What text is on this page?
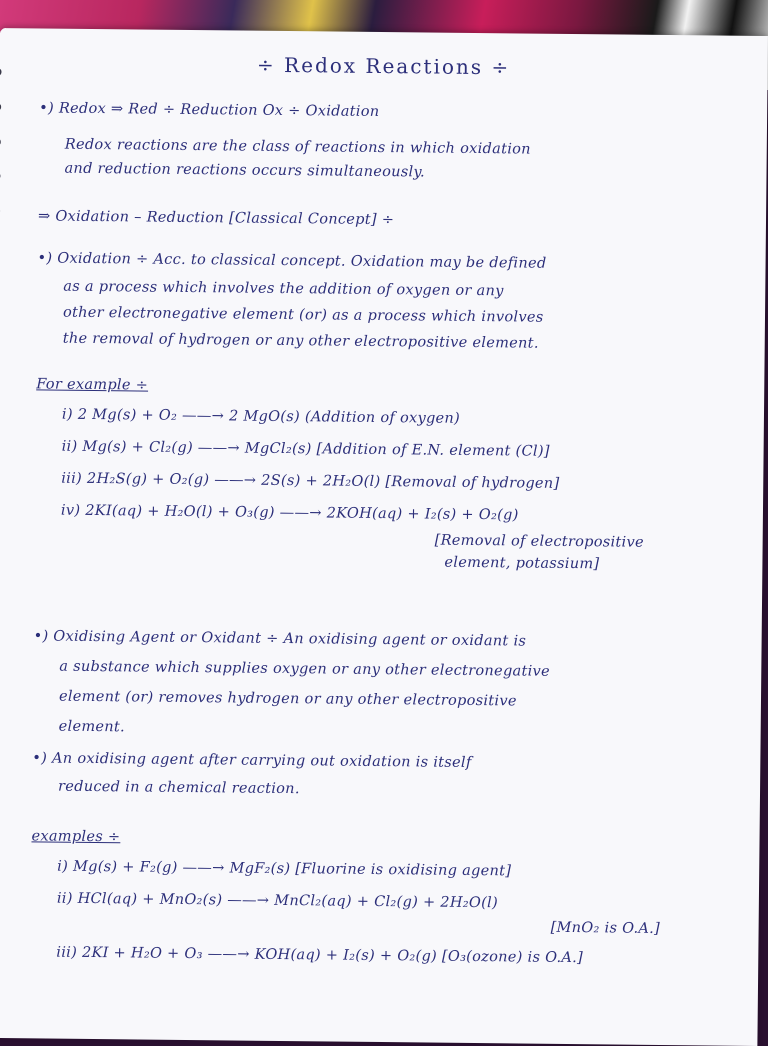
÷ Redox Reactions ÷
•) Redox ⇒ Red ÷ Reduction Ox ÷ Oxidation
Redox reactions are the class of reactions in which oxidation
and reduction reactions occurs simultaneously.
⇒ Oxidation – Reduction [Classical Concept] ÷
•) Oxidation ÷ Acc. to classical concept. Oxidation may be defined
as a process which involves the addition of oxygen or any
other electronegative element (or) as a process which involves
the removal of hydrogen or any other electropositive element.
For example ÷
i) 2 Mg(s) + O₂ ——→ 2 MgO(s) (Addition of oxygen)
ii) Mg(s) + Cl₂(g) ——→ MgCl₂(s) [Addition of E.N. element (Cl)]
iii) 2H₂S(g) + O₂(g) ——→ 2S(s) + 2H₂O(l) [Removal of hydrogen]
iv) 2KI(aq) + H₂O(l) + O₃(g) ——→ 2KOH(aq) + I₂(s) + O₂(g)
[Removal of electropositive
element, potassium]
•) Oxidising Agent or Oxidant ÷ An oxidising agent or oxidant is
a substance which supplies oxygen or any other electronegative
element (or) removes hydrogen or any other electropositive
element.
•) An oxidising agent after carrying out oxidation is itself
reduced in a chemical reaction.
examples ÷
i) Mg(s) + F₂(g) ——→ MgF₂(s) [Fluorine is oxidising agent]
ii) HCl(aq) + MnO₂(s) ——→ MnCl₂(aq) + Cl₂(g) + 2H₂O(l)
[MnO₂ is O.A.]
iii) 2KI + H₂O + O₃ ——→ KOH(aq) + I₂(s) + O₂(g) [O₃(ozone) is O.A.]
